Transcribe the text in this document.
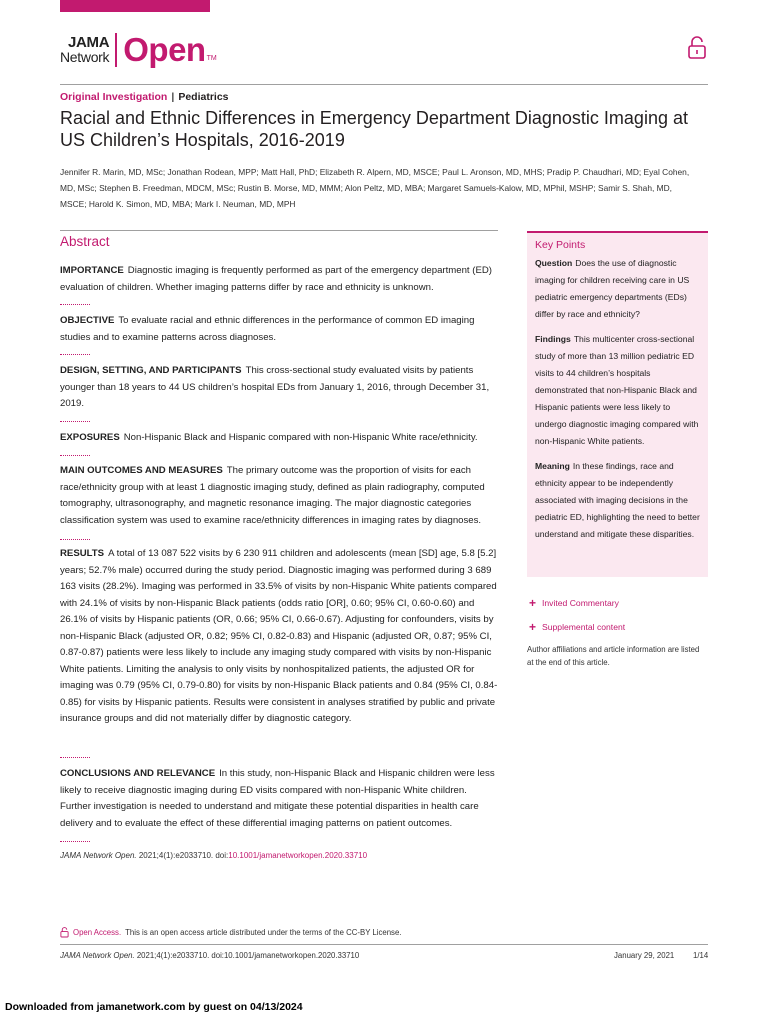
JAMA
Network Open TM
Original Investigation | Pediatrics
Racial and Ethnic Differences in Emergency Department Diagnostic Imaging at US Children’s Hospitals, 2016-2019
Jennifer R. Marin, MD, MSc; Jonathan Rodean, MPP; Matt Hall, PhD; Elizabeth R. Alpern, MD, MSCE; Paul L. Aronson, MD, MHS; Pradip P. Chaudhari, MD; Eyal Cohen, MD, MSc; Stephen B. Freedman, MDCM, MSc; Rustin B. Morse, MD, MMM; Alon Peltz, MD, MBA; Margaret Samuels-Kalow, MD, MPhil, MSHP; Samir S. Shah, MD, MSCE; Harold K. Simon, MD, MBA; Mark I. Neuman, MD, MPH
Abstract

IMPORTANCE Diagnostic imaging is frequently performed as part of the emergency department (ED) evaluation of children. Whether imaging patterns differ by race and ethnicity is unknown.

OBJECTIVE To evaluate racial and ethnic differences in the performance of common ED imaging studies and to examine patterns across diagnoses.

DESIGN, SETTING, AND PARTICIPANTS This cross-sectional study evaluated visits by patients younger than 18 years to 44 US children’s hospital EDs from January 1, 2016, through December 31, 2019.

EXPOSURES Non-Hispanic Black and Hispanic compared with non-Hispanic White race/ethnicity.

MAIN OUTCOMES AND MEASURES The primary outcome was the proportion of visits for each race/ethnicity group with at least 1 diagnostic imaging study, defined as plain radiography, computed tomography, ultrasonography, and magnetic resonance imaging. The major diagnostic categories classification system was used to examine race/ethnicity differences in imaging rates by diagnoses.

RESULTS A total of 13 087 522 visits by 6 230 911 children and adolescents (mean [SD] age, 5.8 [5.2] years; 52.7% male) occurred during the study period. Diagnostic imaging was performed during 3 689 163 visits (28.2%). Imaging was performed in 33.5% of visits by non-Hispanic White patients compared with 24.1% of visits by non-Hispanic Black patients (odds ratio [OR], 0.60; 95% CI, 0.60-0.60) and 26.1% of visits by Hispanic patients (OR, 0.66; 95% CI, 0.66-0.67). Adjusting for confounders, visits by non-Hispanic Black (adjusted OR, 0.82; 95% CI, 0.82-0.83) and Hispanic (adjusted OR, 0.87; 95% CI, 0.87-0.87) patients were less likely to include any imaging study compared with visits by non-Hispanic White patients. Limiting the analysis to only visits by nonhospitalized patients, the adjusted OR for imaging was 0.79 (95% CI, 0.79-0.80) for visits by non-Hispanic Black patients and 0.84 (95% CI, 0.84-0.85) for visits by Hispanic patients. Results were consistent in analyses stratified by public and private insurance groups and did not materially differ by diagnostic category.

CONCLUSIONS AND RELEVANCE In this study, non-Hispanic Black and Hispanic children were less likely to receive diagnostic imaging during ED visits compared with non-Hispanic White children. Further investigation is needed to understand and mitigate these potential disparities in health care delivery and to evaluate the effect of these differential imaging patterns on patient outcomes.

JAMA Network Open. 2021;4(1):e2033710. doi:10.1001/jamanetworkopen.2020.33710
Key Points

Question Does the use of diagnostic imaging for children receiving care in US pediatric emergency departments (EDs) differ by race and ethnicity?

Findings This multicenter cross-sectional study of more than 13 million pediatric ED visits to 44 children’s hospitals demonstrated that non-Hispanic Black and Hispanic patients were less likely to undergo diagnostic imaging compared with non-Hispanic White patients.

Meaning In these findings, race and ethnicity appear to be independently associated with imaging decisions in the pediatric ED, highlighting the need to better understand and mitigate these disparities.

+ Invited Commentary
+ Supplemental content
Author affiliations and article information are listed at the end of this article.
Open Access. This is an open access article distributed under the terms of the CC-BY License.
JAMA Network Open. 2021;4(1):e2033710. doi:10.1001/jamanetworkopen.2020.33710	January 29, 2021 1/14
Downloaded from jamanetwork.com by guest on 04/13/2024
